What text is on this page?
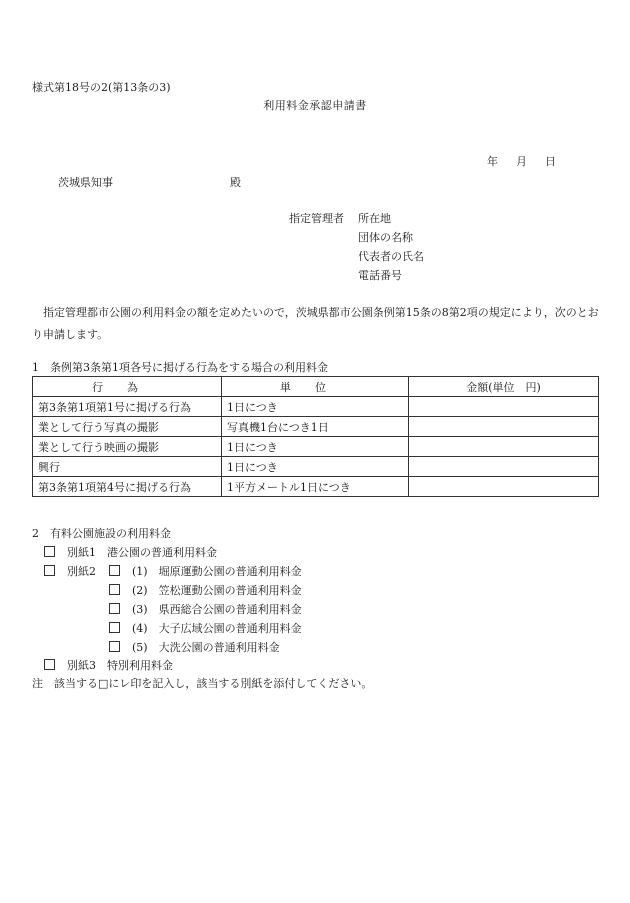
様式第18号の2(第13条の3)
利用料金承認申請書
年 月 日
茨城県知事	殿
指定管理者 所在地
団体の名称
代表者の氏名
電話番号
指定管理都市公園の利用料金の額を定めたいので，茨城県都市公園条例第15条の8第2項の規定により，次のとおり申請します。
1　条例第3条第1項各号に掲げる行為をする場合の利用料金
行為	単位	金額(単位　円)
第3条第1項第1号に掲げる行為	1日につき	
業として行う写真の撮影	写真機1台につき1日	
業として行う映画の撮影	1日につき	
興行	1日につき	
第3条第1項第4号に掲げる行為	1平方メートル1日につき	
2　有料公園施設の利用料金
別紙1　 港公園の普通利用料金
別紙2	(1)　 堀原運動公園の普通利用料金
(2)　 笠松運動公園の普通利用料金
(3)　 県西総合公園の普通利用料金
(4)　 大子広域公園の普通利用料金
(5)　 大洗公園の普通利用料金
別紙3　 特別利用料金
注　該当する□にレ印を記入し，該当する別紙を添付してください。
